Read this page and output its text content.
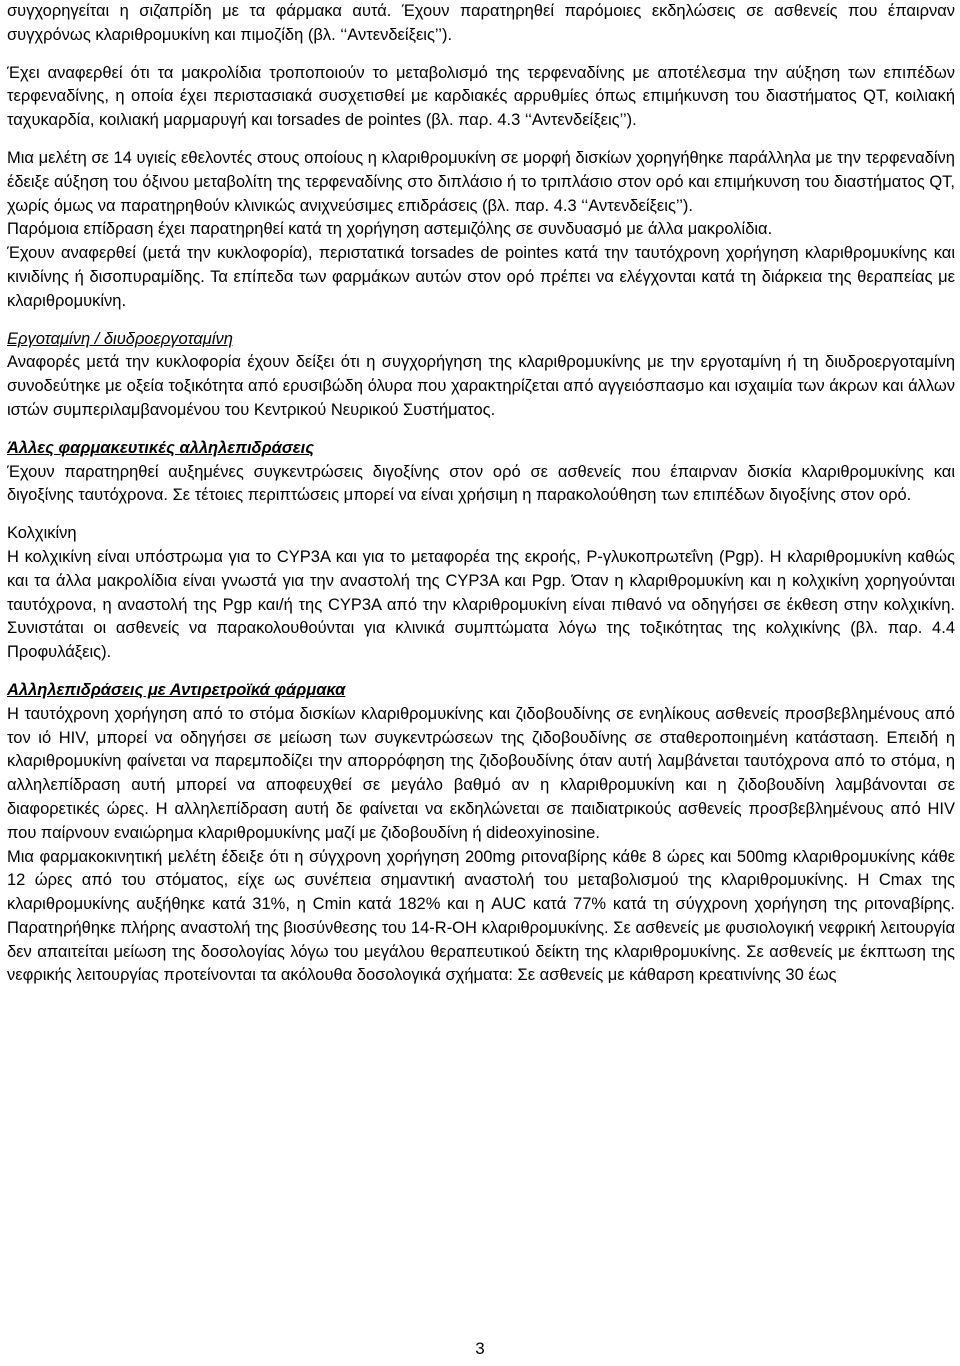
συγχορηγείται η σιζαπρίδη με τα φάρμακα αυτά. Έχουν παρατηρηθεί παρόμοιες εκδηλώσεις σε ασθενείς που έπαιρναν συγχρόνως κλαριθρομυκίνη και πιμοζίδη (βλ. ‘‘Αντενδείξεις’’).

Έχει αναφερθεί ότι τα μακρολίδια τροποποιούν το μεταβολισμό της τερφεναδίνης με αποτέλεσμα την αύξηση των επιπέδων τερφεναδίνης, η οποία έχει περιστασιακά συσχετισθεί με καρδιακές αρρυθμίες όπως επιμήκυνση του διαστήματος QT, κοιλιακή ταχυκαρδία, κοιλιακή μαρμαρυγή και torsades de pointes (βλ. παρ. 4.3 ‘‘Αντενδείξεις’’).

Μια μελέτη σε 14 υγιείς εθελοντές στους οποίους η κλαριθρομυκίνη σε μορφή δισκίων χορηγήθηκε παράλληλα με την τερφεναδίνη έδειξε αύξηση του όξινου μεταβολίτη της τερφεναδίνης στο διπλάσιο ή το τριπλάσιο στον ορό και επιμήκυνση του διαστήματος QT, χωρίς όμως να παρατηρηθούν κλινικώς ανιχνεύσιμες επιδράσεις (βλ. παρ. 4.3 ‘‘Αντενδείξεις’’).

Παρόμοια επίδραση έχει παρατηρηθεί κατά τη χορήγηση αστεμιζόλης σε συνδυασμό με άλλα μακρολίδια.

Έχουν αναφερθεί (μετά την κυκλοφορία), περιστατικά torsades de pointes κατά την ταυτόχρονη χορήγηση κλαριθρομυκίνης και κινιδίνης ή δισοπυραμίδης. Τα επίπεδα των φαρμάκων αυτών στον ορό πρέπει να ελέγχονται κατά τη διάρκεια της θεραπείας με κλαριθρομυκίνη.

Εργοταμίνη / διυδροεργοταμίνη

Αναφορές μετά την κυκλοφορία έχουν δείξει ότι η συγχορήγηση της κλαριθρομυκίνης με την εργοταμίνη ή τη διυδροεργοταμίνη συνοδεύτηκε με οξεία τοξικότητα από ερυσιβώδη όλυρα που χαρακτηρίζεται από αγγειόσπασμο και ισχαιμία των άκρων και άλλων ιστών συμπεριλαμβανομένου του Κεντρικού Νευρικού Συστήματος.

Άλλες φαρμακευτικές αλληλεπιδράσεις

Έχουν παρατηρηθεί αυξημένες συγκεντρώσεις διγοξίνης στον ορό σε ασθενείς που έπαιρναν δισκία κλαριθρομυκίνης και διγοξίνης ταυτόχρονα. Σε τέτοιες περιπτώσεις μπορεί να είναι χρήσιμη η παρακολούθηση των επιπέδων διγοξίνης στον ορό.

Κολχικίνη

Η κολχικίνη είναι υπόστρωμα για το CYP3A και για το μεταφορέα της εκροής, P-γλυκοπρωτεΐνη (Pgp). Η κλαριθρομυκίνη καθώς και τα άλλα μακρολίδια είναι γνωστά για την αναστολή της CYP3A και Pgp. Όταν η κλαριθρομυκίνη και η κολχικίνη χορηγούνται ταυτόχρονα, η αναστολή της Pgp και/ή της CYP3A από την κλαριθρομυκίνη είναι πιθανό να οδηγήσει σε έκθεση στην κολχικίνη. Συνιστάται οι ασθενείς να παρακολουθούνται για κλινικά συμπτώματα λόγω της τοξικότητας της κολχικίνης (βλ. παρ. 4.4 Προφυλάξεις).

Αλληλεπιδράσεις με Αντιρετροϊκά φάρμακα

Η ταυτόχρονη χορήγηση από το στόμα δισκίων κλαριθρομυκίνης και ζιδοβουδίνης σε ενηλίκους ασθενείς προσβεβλημένους από τον ιό HIV, μπορεί να οδηγήσει σε μείωση των συγκεντρώσεων της ζιδοβουδίνης σε σταθεροποιημένη κατάσταση. Επειδή η κλαριθρομυκίνη φαίνεται να παρεμποδίζει την απορρόφηση της ζιδοβουδίνης όταν αυτή λαμβάνεται ταυτόχρονα από το στόμα, η αλληλεπίδραση αυτή μπορεί να αποφευχθεί σε μεγάλο βαθμό αν η κλαριθρομυκίνη και η ζιδοβουδίνη λαμβάνονται σε διαφορετικές ώρες. Η αλληλεπίδραση αυτή δε φαίνεται να εκδηλώνεται σε παιδιατρικούς ασθενείς προσβεβλημένους από HIV που παίρνουν εναιώρημα κλαριθρομυκίνης μαζί με ζιδοβουδίνη ή dideoxyinosine.

Μια φαρμακοκινητική μελέτη έδειξε ότι η σύγχρονη χορήγηση 200mg ριτοναβίρης κάθε 8 ώρες και 500mg κλαριθρομυκίνης κάθε 12 ώρες από του στόματος, είχε ως συνέπεια σημαντική αναστολή του μεταβολισμού της κλαριθρομυκίνης. Η Cmax της κλαριθρομυκίνης αυξήθηκε κατά 31%, η Cmin κατά 182% και η AUC κατά 77% κατά τη σύγχρονη χορήγηση της ριτοναβίρης. Παρατηρήθηκε πλήρης αναστολή της βιοσύνθεσης του 14-R-OH κλαριθρομυκίνης. Σε ασθενείς με φυσιολογική νεφρική λειτουργία δεν απαιτείται μείωση της δοσολογίας λόγω του μεγάλου θεραπευτικού δείκτη της κλαριθρομυκίνης. Σε ασθενείς με έκπτωση της νεφρικής λειτουργίας προτείνονται τα ακόλουθα δοσολογικά σχήματα: Σε ασθενείς με κάθαρση κρεατινίνης 30 έως

3
